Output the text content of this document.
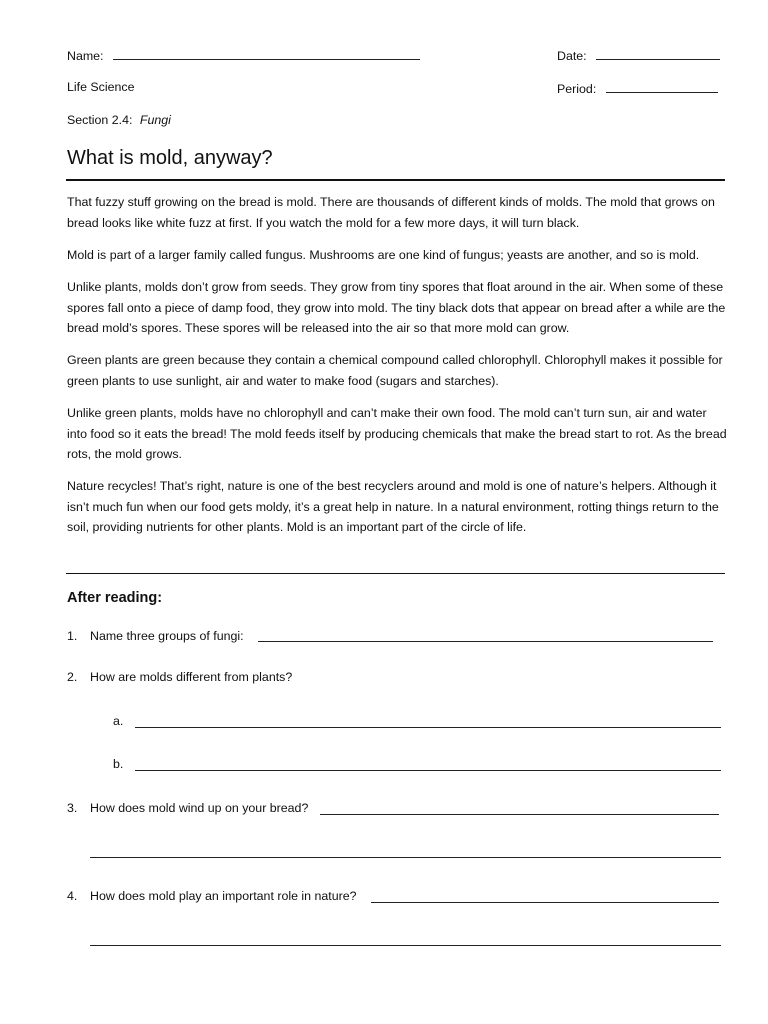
Name:	Date:
Life Science	Period:
Section 2.4: Fungi
What is mold, anyway?
That fuzzy stuff growing on the bread is mold. There are thousands of different kinds of molds. The mold that grows on bread looks like white fuzz at first. If you watch the mold for a few more days, it will turn black.
Mold is part of a larger family called fungus. Mushrooms are one kind of fungus; yeasts are another, and so is mold.
Unlike plants, molds don’t grow from seeds. They grow from tiny spores that float around in the air. When some of these spores fall onto a piece of damp food, they grow into mold. The tiny black dots that appear on bread after a while are the bread mold’s spores. These spores will be released into the air so that more mold can grow.
Green plants are green because they contain a chemical compound called chlorophyll. Chlorophyll makes it possible for green plants to use sunlight, air and water to make food (sugars and starches).
Unlike green plants, molds have no chlorophyll and can’t make their own food. The mold can’t turn sun, air and water into food so it eats the bread! The mold feeds itself by producing chemicals that make the bread start to rot. As the bread rots, the mold grows.
Nature recycles! That’s right, nature is one of the best recyclers around and mold is one of nature’s helpers. Although it isn’t much fun when our food gets moldy, it’s a great help in nature. In a natural environment, rotting things return to the soil, providing nutrients for other plants. Mold is an important part of the circle of life.
After reading:
1. Name three groups of fungi:
2. How are molds different from plants?
a.
b.
3. How does mold wind up on your bread?
4. How does mold play an important role in nature?
